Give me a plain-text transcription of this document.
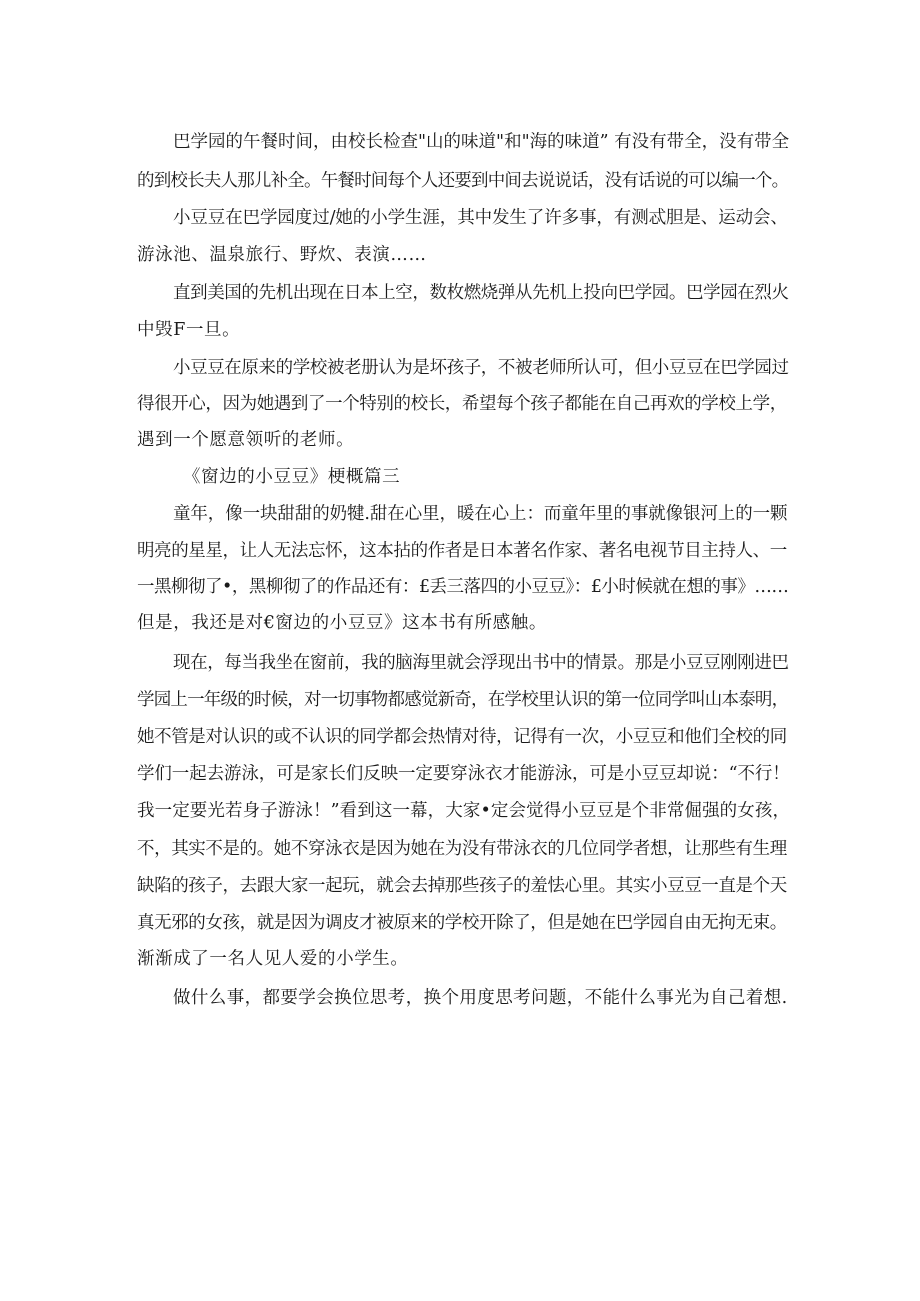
巴学园的午餐时间，由校长检查"山的味道"和"海的味道” 有没有带全，没有带全
的到校长夫人那儿补全。午餐时间每个人还要到中间去说说话，没有话说的可以编一个。
小豆豆在巴学园度过/她的小学生涯，其中发生了许多事，有测忒胆是、运动会、
游泳池、温泉旅行、野炊、表演……
直到美国的先机出现在日本上空，数枚燃烧弹从先机上投向巴学园。巴学园在烈火
中毁F一旦。
小豆豆在原来的学校被老册认为是坏孩子，不被老师所认可，但小豆豆在巴学园过
得很开心，因为她遇到了一个特别的校长，希望每个孩子都能在自己再欢的学校上学，
遇到一个愿意领听的老师。
《窗边的小豆豆》梗概篇三
童年，像一块甜甜的奶犍.甜在心里，暖在心上：而童年里的事就像银河上的一颗
明亮的星星，让人无法忘怀，这本拈的作者是日本著名作家、著名电视节目主持人、一
一黑柳彻了•，黑柳彻了的作品还有：£丢三落四的小豆豆》：£小时候就在想的事》……
但是，我还是对€窗边的小豆豆》这本书有所感触。
现在，每当我坐在窗前，我的脑海里就会浮现出书中的情景。那是小豆豆刚刚进巴
学园上一年级的时候，对一切事物都感觉新奇，在学校里认识的第一位同学叫山本泰明，
她不管是对认识的或不认识的同学都会热情对待，记得有一次，小豆豆和他们全校的同
学们一起去游泳，可是家长们反映一定要穿泳衣才能游泳，可是小豆豆却说：“不行！
我一定要光若身子游泳！”看到这一幕，大家•定会觉得小豆豆是个非常倔强的女孩，
不，其实不是的。她不穿泳衣是因为她在为没有带泳衣的几位同学者想，让那些有生理
缺陷的孩子，去跟大家一起玩，就会去掉那些孩子的羞怯心里。其实小豆豆一直是个天
真无邪的女孩，就是因为调皮才被原来的学校开除了，但是她在巴学园自由无拘无束。
渐渐成了一名人见人爱的小学生。
做什么事，都要学会换位思考，换个用度思考问题，不能什么事光为自己着想.
